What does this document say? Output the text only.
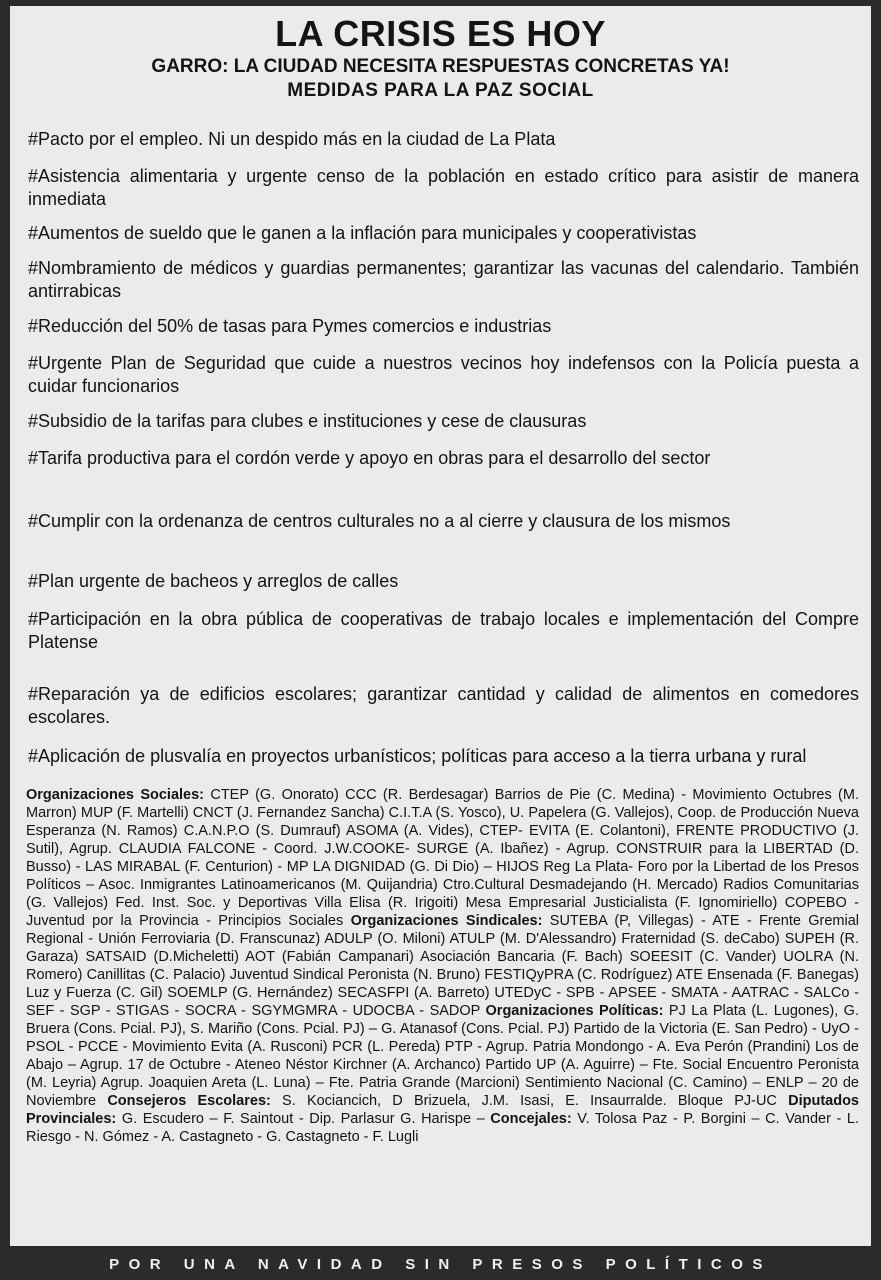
LA CRISIS ES HOY
GARRO: LA CIUDAD NECESITA RESPUESTAS CONCRETAS YA!
MEDIDAS PARA LA PAZ SOCIAL
#Pacto por el empleo. Ni un despido más en la ciudad de La Plata
#Asistencia alimentaria y urgente censo de la población en estado crítico para asistir de manera inmediata
#Aumentos de sueldo que le ganen a la inflación para municipales y cooperativistas
#Nombramiento de médicos y guardias permanentes; garantizar las vacunas del calendario. También antirrabicas
#Reducción del 50% de tasas para Pymes comercios e industrias
#Urgente Plan de Seguridad que cuide a nuestros vecinos hoy indefensos con la Policía puesta a cuidar funcionarios
#Subsidio de la tarifas para clubes e instituciones y cese de clausuras
#Tarifa productiva para el cordón verde y apoyo en obras para el desarrollo del sector
#Cumplir con la ordenanza de centros culturales no a al cierre y clausura de los mismos
#Plan urgente de bacheos y arreglos de calles
#Participación en la obra pública de cooperativas de trabajo locales e implementación del Compre Platense
#Reparación ya de edificios escolares; garantizar cantidad y calidad de alimentos en comedores escolares.
#Aplicación de plusvalía en proyectos urbanísticos; políticas para acceso a la tierra urbana y rural
Organizaciones Sociales: CTEP (G. Onorato) CCC (R. Berdesagar) Barrios de Pie (C. Medina) - Movimiento Octubres (M. Marron) MUP (F. Martelli) CNCT (J. Fernandez Sancha) C.I.T.A (S. Yosco), U. Papelera (G. Vallejos), Coop. de Producción Nueva Esperanza (N. Ramos) C.A.N.P.O (S. Dumrauf) ASOMA (A. Vides), CTEP- EVITA (E. Colantoni), FRENTE PRODUCTIVO (J. Sutil), Agrup. CLAUDIA FALCONE - Coord. J.W.COOKE- SURGE (A. Ibañez) - Agrup. CONSTRUIR para la LIBERTAD (D. Busso) - LAS MIRABAL (F. Centurion) - MP LA DIGNIDAD (G. Di Dio) – HIJOS Reg La Plata- Foro por la Libertad de los Presos Políticos – Asoc. Inmigrantes Latinoamericanos (M. Quijandria) Ctro.Cultural Desmadejando (H. Mercado) Radios Comunitarias (G. Vallejos) Fed. Inst. Soc. y Deportivas Villa Elisa (R. Irigoiti) Mesa Empresarial Justicialista (F. Ignomiriello) COPEBO - Juventud por la Provincia - Principios Sociales Organizaciones Sindicales: SUTEBA (P, Villegas) - ATE - Frente Gremial Regional - Unión Ferroviaria (D. Franscunaz) ADULP (O. Miloni) ATULP (M. D'Alessandro) Fraternidad (S. deCabo) SUPEH (R. Garaza) SATSAID (D.Micheletti) AOT (Fabián Campanari) Asociación Bancaria (F. Bach) SOEESIT (C. Vander) UOLRA (N. Romero) Canillitas (C. Palacio) Juventud Sindical Peronista (N. Bruno) FESTIQyPRA (C. Rodríguez) ATE Ensenada (F. Banegas) Luz y Fuerza (C. Gil) SOEMLP (G. Hernández) SECASFPI (A. Barreto) UTEDyC - SPB - APSEE - SMATA - AATRAC - SALCo - SEF - SGP - STIGAS - SOCRA - SGYMGMRA - UDOCBA - SADOP Organizaciones Políticas: PJ La Plata (L. Lugones), G. Bruera (Cons. Pcial. PJ), S. Mariño (Cons. Pcial. PJ) – G. Atanasof (Cons. Pcial. PJ) Partido de la Victoria (E. San Pedro) - UyO - PSOL - PCCE - Movimiento Evita (A. Rusconi) PCR (L. Pereda) PTP - Agrup. Patria Mondongo - A. Eva Perón (Prandini) Los de Abajo – Agrup. 17 de Octubre - Ateneo Néstor Kirchner (A. Archanco) Partido UP (A. Aguirre) – Fte. Social Encuentro Peronista (M. Leyria) Agrup. Joaquien Areta (L. Luna) – Fte. Patria Grande (Marcioni) Sentimiento Nacional (C. Camino) – ENLP – 20 de Noviembre Consejeros Escolares: S. Kociancich, D Brizuela, J.M. Isasi, E. Insaurralde. Bloque PJ-UC Diputados Provinciales: G. Escudero – F. Saintout - Dip. Parlasur G. Harispe – Concejales: V. Tolosa Paz - P. Borgini – C. Vander - L. Riesgo - N. Gómez - A. Castagneto - G. Castagneto - F. Lugli
POR UNA NAVIDAD SIN PRESOS POLÍTICOS
